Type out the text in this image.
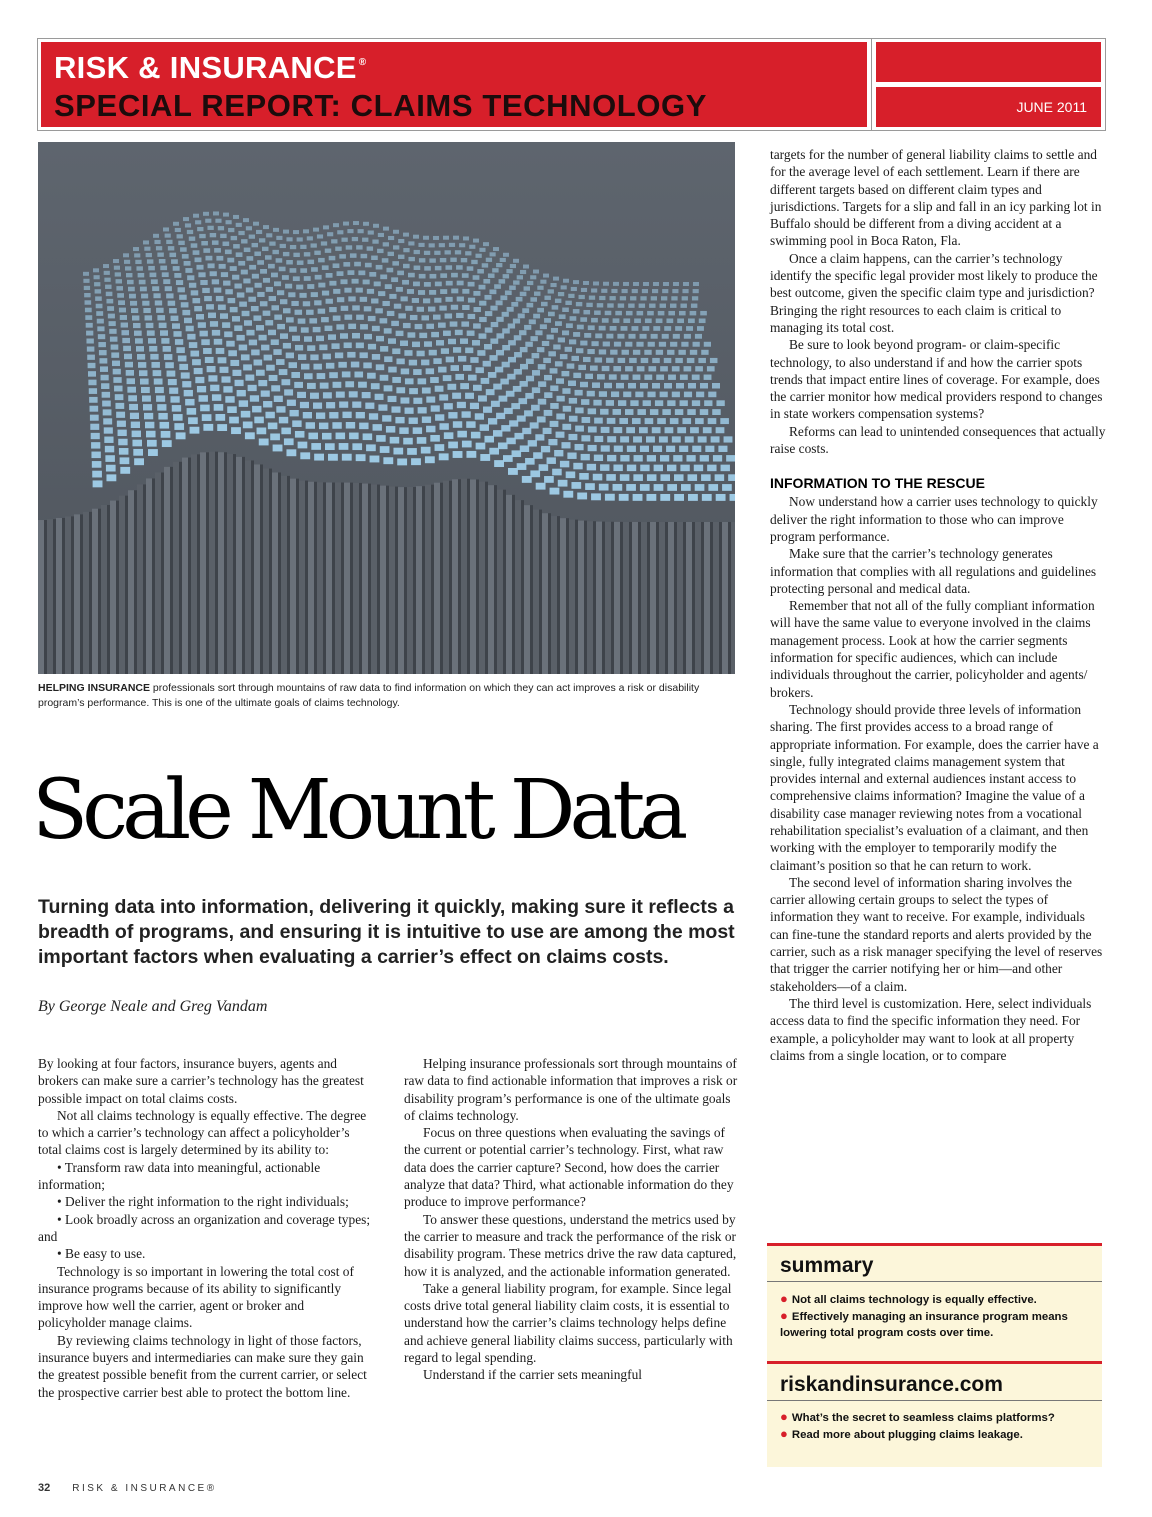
RISK & INSURANCE ®
SPECIAL REPORT: CLAIMS TECHNOLOGY	JUNE 2011
HELPING INSURANCE professionals sort through mountains of raw data to find information on which they can act improves a risk or disability program’s performance. This is one of the ultimate goals of claims technology.
Scale Mount Data
Turning data into information, delivering it quickly, making sure it reflects a breadth of programs, and ensuring it is intuitive to use are among the most important factors when evaluating a carrier’s effect on claims costs.
By George Neale and Greg Vandam

By looking at four factors, insurance buyers, agents and brokers can make sure a carrier’s technology has the greatest possible impact on total claims costs.

Not all claims technology is equally effective. The degree to which a carrier’s technology can affect a policyholder’s total claims cost is largely determined by its ability to:

• Transform raw data into meaningful, actionable information;

• Deliver the right information to the right individuals;

• Look broadly across an organization and coverage types; and

• Be easy to use.

Technology is so important in lowering the total cost of insurance programs because of its ability to significantly improve how well the carrier, agent or broker and policyholder manage claims.

By reviewing claims technology in light of those factors, insurance buyers and intermediaries can make sure they gain the greatest possible benefit from the current carrier, or select the prospective carrier best able to protect the bottom line.

Helping insurance professionals sort through mountains of raw data to find actionable information that improves a risk or disability program’s performance is one of the ultimate goals of claims technology.

Focus on three questions when evaluating the savings of the current or potential carrier’s technology. First, what raw data does the carrier capture? Second, how does the carrier analyze that data? Third, what actionable information do they produce to improve performance?

To answer these questions, understand the metrics used by the carrier to measure and track the performance of the risk or disability program. These metrics drive the raw data captured, how it is analyzed, and the actionable information generated.

Take a general liability program, for example. Since legal costs drive total general liability claim costs, it is essential to understand how the carrier’s claims technology helps define and achieve general liability claims success, particularly with regard to legal spending.

Understand if the carrier sets meaningful

targets for the number of general liability claims to settle and for the average level of each settlement. Learn if there are different targets based on different claim types and jurisdictions. Targets for a slip and fall in an icy parking lot in Buffalo should be different from a diving accident at a swimming pool in Boca Raton, Fla.

Once a claim happens, can the carrier’s technology identify the specific legal provider most likely to produce the best outcome, given the specific claim type and jurisdiction? Bringing the right resources to each claim is critical to managing its total cost.

Be sure to look beyond program- or claim-specific technology, to also understand if and how the carrier spots trends that impact entire lines of coverage. For example, does the carrier monitor how medical providers respond to changes in state workers compensation systems?

Reforms can lead to unintended consequences that actually raise costs.

INFORMATION TO THE RESCUE

Now understand how a carrier uses technology to quickly deliver the right information to those who can improve program performance.

Make sure that the carrier’s technology generates information that complies with all regulations and guidelines protecting personal and medical data.

Remember that not all of the fully compliant information will have the same value to everyone involved in the claims management process. Look at how the carrier segments information for specific audiences, which can include individuals throughout the carrier, policyholder and agents/ brokers.

Technology should provide three levels of information sharing. The first provides access to a broad range of appropriate information. For example, does the carrier have a single, fully integrated claims management system that provides internal and external audiences instant access to comprehensive claims information? Imagine the value of a disability case manager reviewing notes from a vocational rehabilitation specialist’s evaluation of a claimant, and then working with the employer to temporarily modify the claimant’s position so that he can return to work.

The second level of information sharing involves the carrier allowing certain groups to select the types of information they want to receive. For example, individuals can fine-tune the standard reports and alerts provided by the carrier, such as a risk manager specifying the level of reserves that trigger the carrier notifying her or him—and other stakeholders—of a claim.

The third level is customization. Here, select individuals access data to find the specific information they need. For example, a policyholder may want to look at all property claims from a single location, or to compare

summary
● Not all claims technology is equally effective.
● Effectively managing an insurance program means lowering total program costs over time.
riskandinsurance.com
● What’s the secret to seamless claims platforms?
● Read more about plugging claims leakage.
32 RISK & INSURANCE®
